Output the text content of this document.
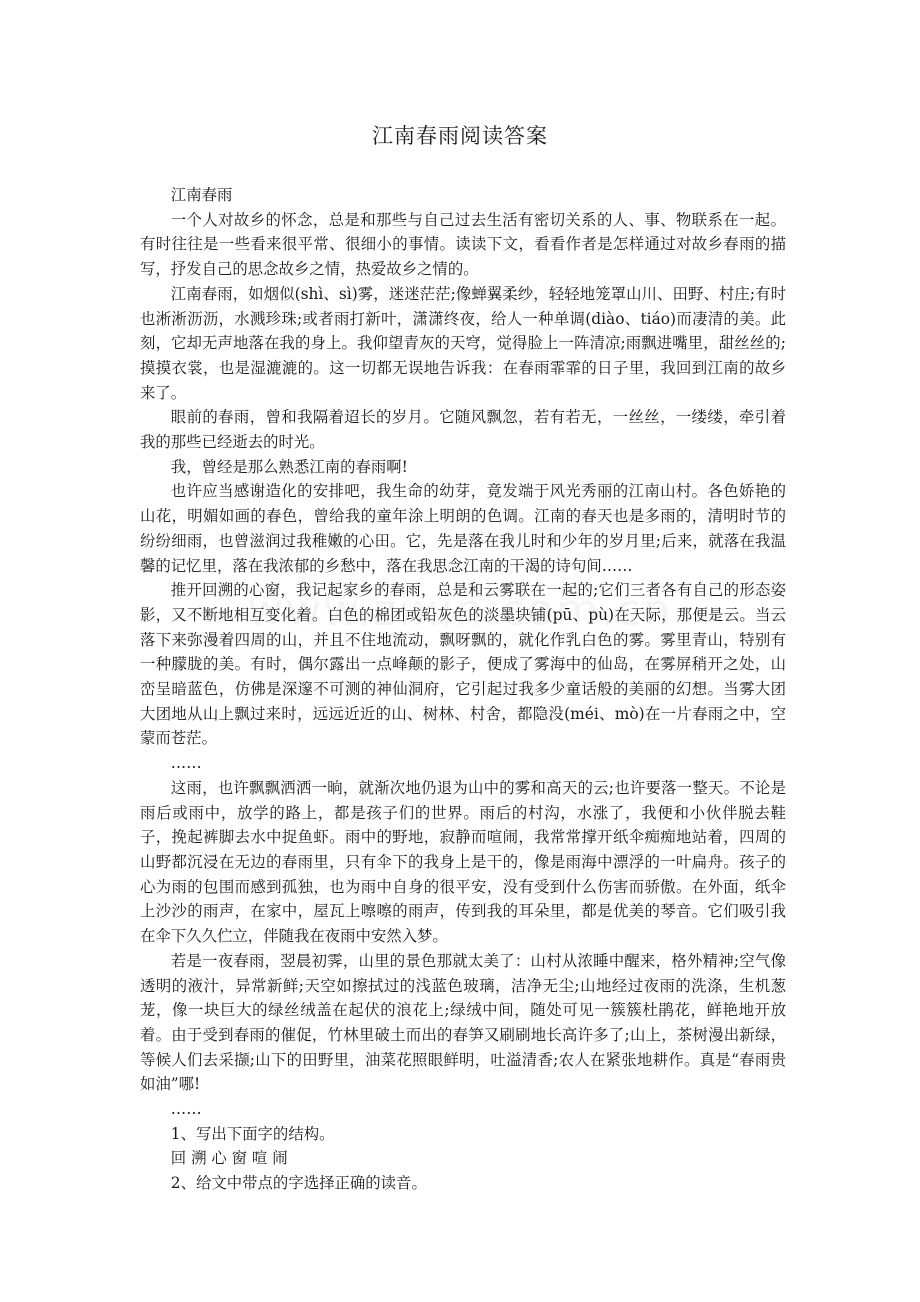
江南春雨阅读答案

江南春雨

一个人对故乡的怀念，总是和那些与自己过去生活有密切关系的人、事、物联系在一起。有时往往是一些看来很平常、很细小的事情。读读下文，看看作者是怎样通过对故乡春雨的描写，抒发自己的思念故乡之情，热爱故乡之情的。

江南春雨，如烟似(shì、sì)雾，迷迷茫茫;像蝉翼柔纱，轻轻地笼罩山川、田野、村庄;有时也淅淅沥沥，水溅珍珠;或者雨打新叶，潇潇终夜，给人一种单调(diào、tiáo)而凄清的美。此刻，它却无声地落在我的身上。我仰望青灰的天穹，觉得脸上一阵清凉;雨飘进嘴里，甜丝丝的;摸摸衣裳，也是湿漉漉的。这一切都无误地告诉我：在春雨霏霏的日子里，我回到江南的故乡来了。

眼前的春雨，曾和我隔着迢长的岁月。它随风飘忽，若有若无，一丝丝，一缕缕，牵引着我的那些已经逝去的时光。

我，曾经是那么熟悉江南的春雨啊!

也许应当感谢造化的安排吧，我生命的幼芽，竟发端于风光秀丽的江南山村。各色娇艳的山花，明媚如画的春色，曾给我的童年涂上明朗的色调。江南的春天也是多雨的，清明时节的纷纷细雨，也曾滋润过我稚嫩的心田。它，先是落在我儿时和少年的岁月里;后来，就落在我温馨的记忆里，落在我浓郁的乡愁中，落在我思念江南的干渴的诗句间……

推开回溯的心窗，我记起家乡的春雨，总是和云雾联在一起的;它们三者各有自己的形态姿影，又不断地相互变化着。白色的棉团或铅灰色的淡墨块铺(pū、pù)在天际，那便是云。当云落下来弥漫着四周的山，并且不住地流动，飘呀飘的，就化作乳白色的雾。雾里青山，特别有一种朦胧的美。有时，偶尔露出一点峰颠的影子，便成了雾海中的仙岛，在雾屏稍开之处，山峦呈暗蓝色，仿佛是深邃不可测的神仙洞府，它引起过我多少童话般的美丽的幻想。当雾大团大团地从山上飘过来时，远远近近的山、树林、村舍，都隐没(méi、mò)在一片春雨之中，空蒙而苍茫。

……

这雨，也许飘飘洒洒一晌，就渐次地仍退为山中的雾和高天的云;也许要落一整天。不论是雨后或雨中，放学的路上，都是孩子们的世界。雨后的村沟，水涨了，我便和小伙伴脱去鞋子，挽起裤脚去水中捉鱼虾。雨中的野地，寂静而喧闹，我常常撑开纸伞痴痴地站着，四周的山野都沉浸在无边的春雨里，只有伞下的我身上是干的，像是雨海中漂浮的一叶扁舟。孩子的心为雨的包围而感到孤独，也为雨中自身的很平安，没有受到什么伤害而骄傲。在外面，纸伞上沙沙的雨声，在家中，屋瓦上嚓嚓的雨声，传到我的耳朵里，都是优美的琴音。它们吸引我在伞下久久伫立，伴随我在夜雨中安然入梦。

若是一夜春雨，翌晨初霁，山里的景色那就太美了：山村从浓睡中醒来，格外精神;空气像透明的液汁，异常新鲜;天空如擦拭过的浅蓝色玻璃，洁净无尘;山地经过夜雨的洗涤，生机葱茏，像一块巨大的绿丝绒盖在起伏的浪花上;绿绒中间，随处可见一簇簇杜鹃花，鲜艳地开放着。由于受到春雨的催促，竹林里破土而出的春笋又刷刷地长高许多了;山上，茶树漫出新绿，等候人们去采撷;山下的田野里，油菜花照眼鲜明，吐溢清香;农人在紧张地耕作。真是“春雨贵如油”哪!

……

1、写出下面字的结构。

回 溯 心 窗 喧 闹

2、给文中带点的字选择正确的读音。
